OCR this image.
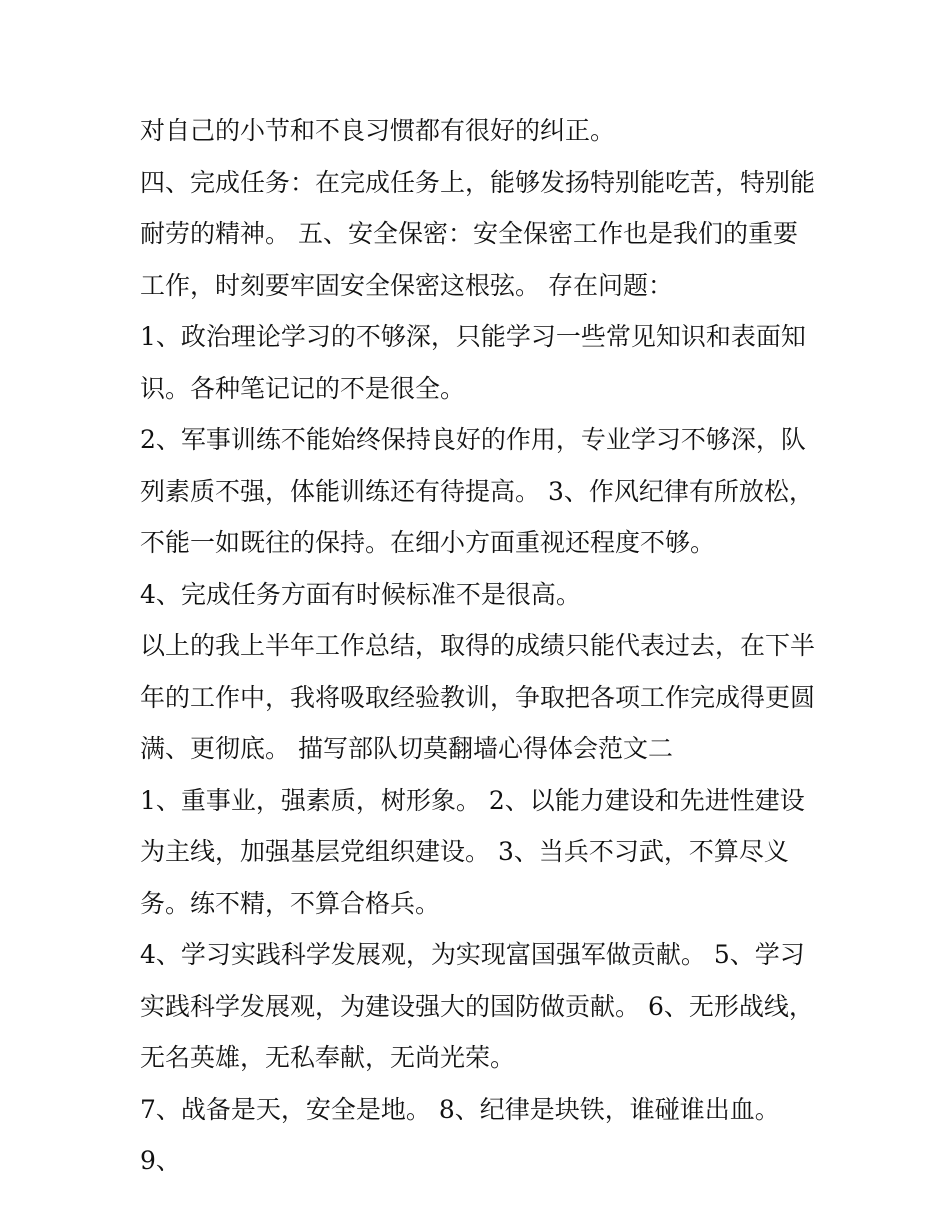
对自己的小节和不良习惯都有很好的纠正。

四、完成任务：在完成任务上，能够发扬特别能吃苦，特别能耐劳的精神。 五、安全保密：安全保密工作也是我们的重要工作，时刻要牢固安全保密这根弦。 存在问题：

1、政治理论学习的不够深，只能学习一些常见知识和表面知识。各种笔记记的不是很全。

2、军事训练不能始终保持良好的作用，专业学习不够深，队列素质不强，体能训练还有待提高。 3、作风纪律有所放松，不能一如既往的保持。在细小方面重视还程度不够。

4、完成任务方面有时候标准不是很高。

以上的我上半年工作总结，取得的成绩只能代表过去，在下半年的工作中，我将吸取经验教训，争取把各项工作完成得更圆满、更彻底。 描写部队切莫翻墙心得体会范文二

1、重事业，强素质，树形象。 2、以能力建设和先进性建设为主线，加强基层党组织建设。 3、当兵不习武，不算尽义务。练不精，不算合格兵。

4、学习实践科学发展观，为实现富国强军做贡献。 5、学习实践科学发展观，为建设强大的国防做贡献。 6、无形战线，无名英雄，无私奉献，无尚光荣。

7、战备是天，安全是地。 8、纪律是块铁，谁碰谁出血。 9、
